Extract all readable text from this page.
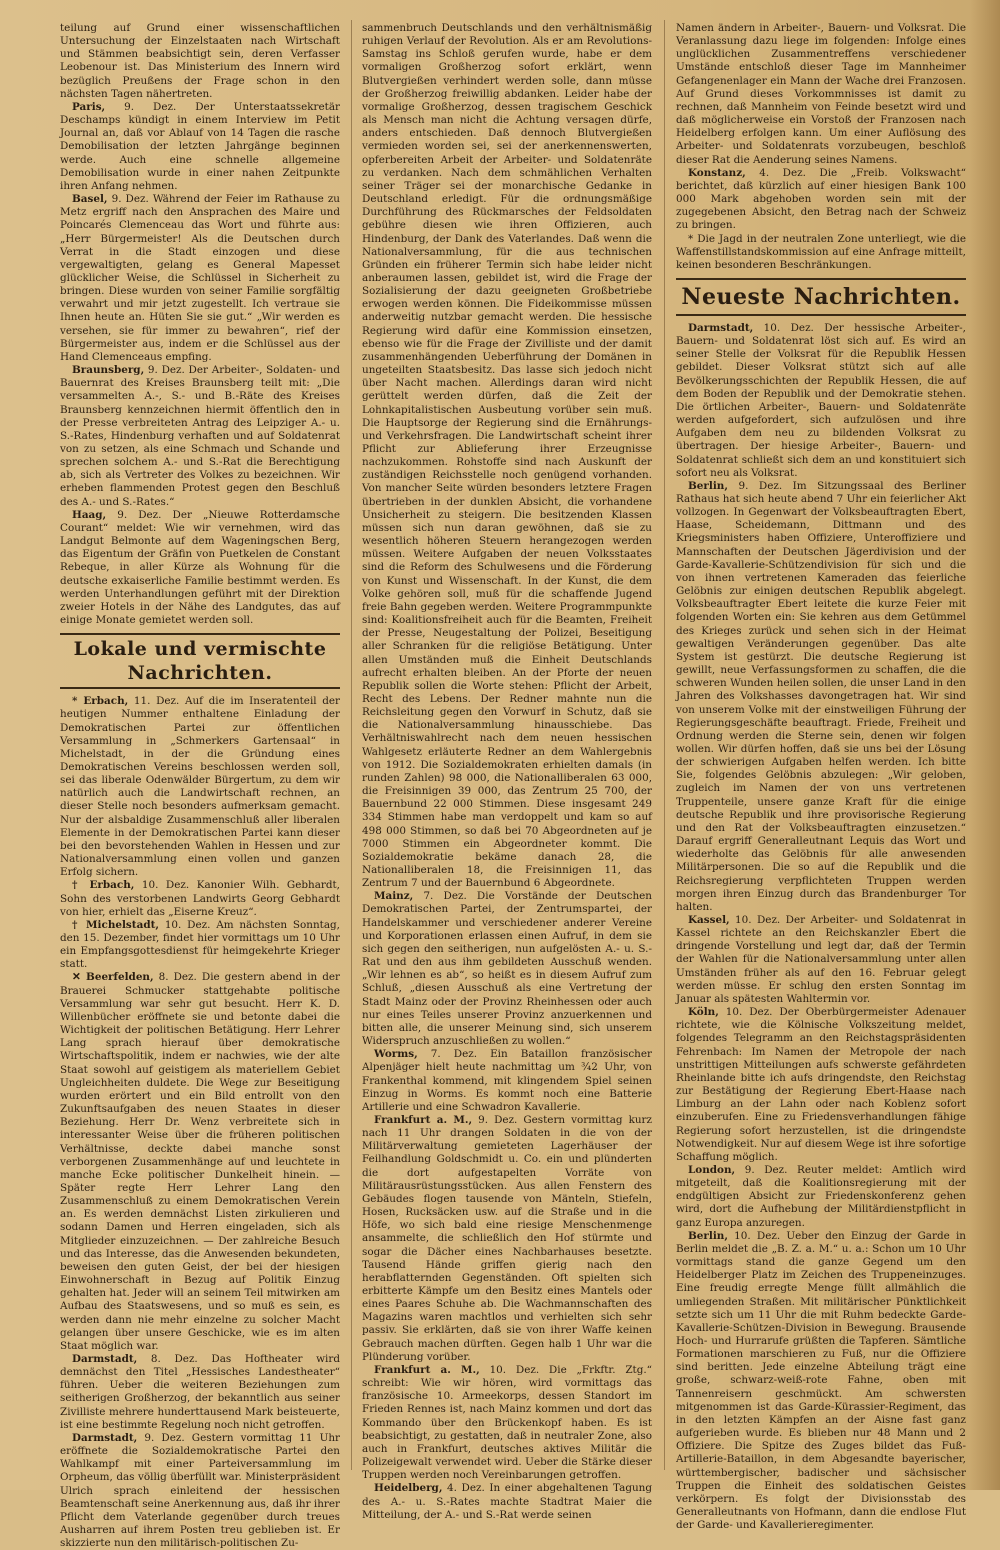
teilung auf Grund einer wissenschaftlichen Untersuchung der Einzelstaaten nach Wirtschaft und Stämmen beabsichtigt sein, deren Verfasser Leobenour ist. Das Ministerium des Innern wird bezüglich Preußens der Frage schon in den nächsten Tagen nähertreten.

Paris, 9. Dez. Der Unterstaatssekretär Deschamps kündigt in einem Interview im Petit Journal an, daß vor Ablauf von 14 Tagen die rasche Demobilisation der letzten Jahrgänge beginnen werde. Auch eine schnelle allgemeine Demobilisation wurde in einer nahen Zeitpunkte ihren Anfang nehmen.

Basel, 9. Dez. Während der Feier im Rathause zu Metz ergriff nach den Ansprachen des Maire und Poincarés Clemenceau das Wort und führte aus: „Herr Bürgermeister! Als die Deutschen durch Verrat in die Stadt einzogen und diese vergewaltigten, gelang es General Mapesset glücklicher Weise, die Schlüssel in Sicherheit zu bringen. Diese wurden von seiner Familie sorgfältig verwahrt und mir jetzt zugestellt. Ich vertraue sie Ihnen heute an. Hüten Sie sie gut.“ „Wir werden es versehen, sie für immer zu bewahren“, rief der Bürgermeister aus, indem er die Schlüssel aus der Hand Clemenceaus empfing.

Braunsberg, 9. Dez. Der Arbeiter-, Soldaten- und Bauernrat des Kreises Braunsberg teilt mit: „Die versammelten A.-, S.- und B.-Räte des Kreises Braunsberg kennzeichnen hiermit öffentlich den in der Presse verbreiteten Antrag des Leipziger A.- u. S.-Rates, Hindenburg verhaften und auf Soldatenrat von zu setzen, als eine Schmach und Schande und sprechen solchem A.- und S.-Rat die Berechtigung ab, sich als Vertreter des Volkes zu bezeichnen. Wir erheben flammenden Protest gegen den Beschluß des A.- und S.-Rates.“

Haag, 9. Dez. Der „Nieuwe Rotterdamsche Courant“ meldet: Wie wir vernehmen, wird das Landgut Belmonte auf dem Wageningschen Berg, das Eigentum der Gräfin von Puetkelen de Constant Rebeque, in aller Kürze als Wohnung für die deutsche exkaiserliche Familie bestimmt werden. Es werden Unterhandlungen geführt mit der Direktion zweier Hotels in der Nähe des Landgutes, das auf einige Monate gemietet werden soll.

Lokale und vermischte Nachrichten.

* Erbach, 11. Dez. Auf die im Inseratenteil der heutigen Nummer enthaltene Einladung der Demokratischen Partei zur öffentlichen Versammlung in „Schmerkers Gartensaal“ in Michelstadt, in der die Gründung eines Demokratischen Vereins beschlossen werden soll, sei das liberale Odenwälder Bürgertum, zu dem wir natürlich auch die Landwirtschaft rechnen, an dieser Stelle noch besonders aufmerksam gemacht. Nur der alsbaldige Zusammenschluß aller liberalen Elemente in der Demokratischen Partei kann dieser bei den bevorstehenden Wahlen in Hessen und zur Nationalversammlung einen vollen und ganzen Erfolg sichern.

† Erbach, 10. Dez. Kanonier Wilh. Gebhardt, Sohn des verstorbenen Landwirts Georg Gebhardt von hier, erhielt das „Eiserne Kreuz“.

† Michelstadt, 10. Dez. Am nächsten Sonntag, den 15. Dezember, findet hier vormittags um 10 Uhr ein Empfangsgottesdienst für heimgekehrte Krieger statt.

✕ Beerfelden, 8. Dez. Die gestern abend in der Brauerei Schmucker stattgehabte politische Versammlung war sehr gut besucht. Herr K. D. Willenbücher eröffnete sie und betonte dabei die Wichtigkeit der politischen Betätigung. Herr Lehrer Lang sprach hierauf über demokratische Wirtschaftspolitik, indem er nachwies, wie der alte Staat sowohl auf geistigem als materiellem Gebiet Ungleichheiten duldete. Die Wege zur Beseitigung wurden erörtert und ein Bild entrollt von den Zukunftsaufgaben des neuen Staates in dieser Beziehung. Herr Dr. Wenz verbreitete sich in interessanter Weise über die früheren politischen Verhältnisse, deckte dabei manche sonst verborgenen Zusammenhänge auf und leuchtete in manche Ecke politischer Dunkelheit hinein. — Später regte Herr Lehrer Lang den Zusammenschluß zu einem Demokratischen Verein an. Es werden demnächst Listen zirkulieren und sodann Damen und Herren eingeladen, sich als Mitglieder einzuzeichnen. — Der zahlreiche Besuch und das Interesse, das die Anwesenden bekundeten, beweisen den guten Geist, der bei der hiesigen Einwohnerschaft in Bezug auf Politik Einzug gehalten hat. Jeder will an seinem Teil mitwirken am Aufbau des Staatswesens, und so muß es sein, es werden dann nie mehr einzelne zu solcher Macht gelangen über unsere Geschicke, wie es im alten Staat möglich war.

Darmstadt, 8. Dez. Das Hoftheater wird demnächst den Titel „Hessisches Landestheater“ führen. Ueber die weiteren Beziehungen zum seitherigen Großherzog, der bekanntlich aus seiner Zivilliste mehrere hunderttausend Mark beisteuerte, ist eine bestimmte Regelung noch nicht getroffen.

Darmstadt, 9. Dez. Gestern vormittag 11 Uhr eröffnete die Sozialdemokratische Partei den Wahlkampf mit einer Parteiversammlung im Orpheum, das völlig überfüllt war. Ministerpräsident Ulrich sprach einleitend der hessischen Beamtenschaft seine Anerkennung aus, daß ihr ihrer Pflicht dem Vaterlande gegenüber durch treues Ausharren auf ihrem Posten treu geblieben ist. Er skizzierte nun den militärisch-politischen Zu-

sammenbruch Deutschlands und den verhältnismäßig ruhigen Verlauf der Revolution. Als er am Revolutions-Samstag ins Schloß gerufen wurde, habe er dem vormaligen Großherzog sofort erklärt, wenn Blutvergießen verhindert werden solle, dann müsse der Großherzog freiwillig abdanken. Leider habe der vormalige Großherzog, dessen tragischem Geschick als Mensch man nicht die Achtung versagen dürfe, anders entschieden. Daß dennoch Blutvergießen vermieden worden sei, sei der anerkennenswerten, opferbereiten Arbeit der Arbeiter- und Soldatenräte zu verdanken. Nach dem schmählichen Verhalten seiner Träger sei der monarchische Gedanke in Deutschland erledigt. Für die ordnungsmäßige Durchführung des Rückmarsches der Feldsoldaten gebühre diesen wie ihren Offizieren, auch Hindenburg, der Dank des Vaterlandes. Daß wenn die Nationalversammlung, für die aus technischen Gründen ein früherer Termin sich habe leider nicht anberaumen lassen, gebildet ist, wird die Frage der Sozialisierung der dazu geeigneten Großbetriebe erwogen werden können. Die Fideikommisse müssen anderweitig nutzbar gemacht werden. Die hessische Regierung wird dafür eine Kommission einsetzen, ebenso wie für die Frage der Zivilliste und der damit zusammenhängenden Ueberführung der Domänen in ungeteilten Staatsbesitz. Das lasse sich jedoch nicht über Nacht machen. Allerdings daran wird nicht gerüttelt werden dürfen, daß die Zeit der Lohnkapitalistischen Ausbeutung vorüber sein muß. Die Hauptsorge der Regierung sind die Ernährungs- und Verkehrsfragen. Die Landwirtschaft scheint ihrer Pflicht zur Ablieferung ihrer Erzeugnisse nachzukommen. Rohstoffe sind nach Auskunft der zuständigen Reichsstelle noch genügend vorhanden. Von mancher Seite würden besonders letztere Fragen übertrieben in der dunklen Absicht, die vorhandene Unsicherheit zu steigern. Die besitzenden Klassen müssen sich nun daran gewöhnen, daß sie zu wesentlich höheren Steuern herangezogen werden müssen. Weitere Aufgaben der neuen Volksstaates sind die Reform des Schulwesens und die Förderung von Kunst und Wissenschaft. In der Kunst, die dem Volke gehören soll, muß für die schaffende Jugend freie Bahn gegeben werden. Weitere Programmpunkte sind: Koalitionsfreiheit auch für die Beamten, Freiheit der Presse, Neugestaltung der Polizei, Beseitigung aller Schranken für die religiöse Betätigung. Unter allen Umständen muß die Einheit Deutschlands aufrecht erhalten bleiben. An der Pforte der neuen Republik sollen die Worte stehen: Pflicht der Arbeit, Recht des Lebens. Der Redner mahnte nun die Reichsleitung gegen den Vorwurf in Schutz, daß sie die Nationalversammlung hinausschiebe. Das Verhältniswahlrecht nach dem neuen hessischen Wahlgesetz erläuterte Redner an dem Wahlergebnis von 1912. Die Sozialdemokraten erhielten damals (in runden Zahlen) 98 000, die Nationalliberalen 63 000, die Freisinnigen 39 000, das Zentrum 25 700, der Bauernbund 22 000 Stimmen. Diese insgesamt 249 334 Stimmen habe man verdoppelt und kam so auf 498 000 Stimmen, so daß bei 70 Abgeordneten auf je 7000 Stimmen ein Abgeordneter kommt. Die Sozialdemokratie bekäme danach 28, die Nationalliberalen 18, die Freisinnigen 11, das Zentrum 7 und der Bauernbund 6 Abgeordnete.

Mainz, 7. Dez. Die Vorstände der Deutschen Demokratischen Partei, der Zentrumspartei, der Handelskammer und verschiedener anderer Vereine und Korporationen erlassen einen Aufruf, in dem sie sich gegen den seitherigen, nun aufgelösten A.- u. S.-Rat und den aus ihm gebildeten Ausschuß wenden. „Wir lehnen es ab“, so heißt es in diesem Aufruf zum Schluß, „diesen Ausschuß als eine Vertretung der Stadt Mainz oder der Provinz Rheinhessen oder auch nur eines Teiles unserer Provinz anzuerkennen und bitten alle, die unserer Meinung sind, sich unserem Widerspruch anzuschließen zu wollen.“

Worms, 7. Dez. Ein Bataillon französischer Alpenjäger hielt heute nachmittag um ¾2 Uhr, von Frankenthal kommend, mit klingendem Spiel seinen Einzug in Worms. Es kommt noch eine Batterie Artillerie und eine Schwadron Kavallerie.

Frankfurt a. M., 9. Dez. Gestern vormittag kurz nach 11 Uhr drangen Soldaten in die von der Militärverwaltung gemieteten Lagerhäuser der Feilhandlung Goldschmidt u. Co. ein und plünderten die dort aufgestapelten Vorräte von Militärausrüstungsstücken. Aus allen Fenstern des Gebäudes flogen tausende von Mänteln, Stiefeln, Hosen, Rucksäcken usw. auf die Straße und in die Höfe, wo sich bald eine riesige Menschenmenge ansammelte, die schließlich den Hof stürmte und sogar die Dächer eines Nachbarhauses besetzte. Tausend Hände griffen gierig nach den herabflatternden Gegenständen. Oft spielten sich erbitterte Kämpfe um den Besitz eines Mantels oder eines Paares Schuhe ab. Die Wachmannschaften des Magazins waren machtlos und verhielten sich sehr passiv. Sie erklärten, daß sie von ihrer Waffe keinen Gebrauch machen dürften. Gegen halb 1 Uhr war die Plünderung vorüber.

Frankfurt a. M., 10. Dez. Die „Frkftr. Ztg.“ schreibt: Wie wir hören, wird vormittags das französische 10. Armeekorps, dessen Standort im Frieden Rennes ist, nach Mainz kommen und dort das Kommando über den Brückenkopf haben. Es ist beabsichtigt, zu gestatten, daß in neutraler Zone, also auch in Frankfurt, deutsches aktives Militär die Polizeigewalt verwendet wird. Ueber die Stärke dieser Truppen werden noch Vereinbarungen getroffen.

Heidelberg, 4. Dez. In einer abgehaltenen Tagung des A.- u. S.-Rates machte Stadtrat Maier die Mitteilung, der A.- und S.-Rat werde seinen

Namen ändern in Arbeiter-, Bauern- und Volksrat. Die Veranlassung dazu liege im folgenden: Infolge eines unglücklichen Zusammentreffens verschiedener Umstände entschloß dieser Tage im Mannheimer Gefangenenlager ein Mann der Wache drei Franzosen. Auf Grund dieses Vorkommnisses ist damit zu rechnen, daß Mannheim von Feinde besetzt wird und daß möglicherweise ein Vorstoß der Franzosen nach Heidelberg erfolgen kann. Um einer Auflösung des Arbeiter- und Soldatenrats vorzubeugen, beschloß dieser Rat die Aenderung seines Namens.

Konstanz, 4. Dez. Die „Freib. Volkswacht“ berichtet, daß kürzlich auf einer hiesigen Bank 100 000 Mark abgehoben worden sein mit der zugegebenen Absicht, den Betrag nach der Schweiz zu bringen.

* Die Jagd in der neutralen Zone unterliegt, wie die Waffenstillstandskommission auf eine Anfrage mitteilt, keinen besonderen Beschränkungen.

Neueste Nachrichten.

Darmstadt, 10. Dez. Der hessische Arbeiter-, Bauern- und Soldatenrat löst sich auf. Es wird an seiner Stelle der Volksrat für die Republik Hessen gebildet. Dieser Volksrat stützt sich auf alle Bevölkerungsschichten der Republik Hessen, die auf dem Boden der Republik und der Demokratie stehen. Die örtlichen Arbeiter-, Bauern- und Soldatenräte werden aufgefordert, sich aufzulösen und ihre Aufgaben dem neu zu bildenden Volksrat zu übertragen. Der hiesige Arbeiter-, Bauern- und Soldatenrat schließt sich dem an und konstituiert sich sofort neu als Volksrat.

Berlin, 9. Dez. Im Sitzungssaal des Berliner Rathaus hat sich heute abend 7 Uhr ein feierlicher Akt vollzogen. In Gegenwart der Volksbeauftragten Ebert, Haase, Scheidemann, Dittmann und des Kriegsministers haben Offiziere, Unteroffiziere und Mannschaften der Deutschen Jägerdivision und der Garde-Kavallerie-Schützendivision für sich und die von ihnen vertretenen Kameraden das feierliche Gelöbnis zur einigen deutschen Republik abgelegt. Volksbeauftragter Ebert leitete die kurze Feier mit folgenden Worten ein: Sie kehren aus dem Getümmel des Krieges zurück und sehen sich in der Heimat gewaltigen Veränderungen gegenüber. Das alte System ist gestürzt. Die deutsche Regierung ist gewillt, neue Verfassungsformen zu schaffen, die die schweren Wunden heilen sollen, die unser Land in den Jahren des Volkshasses davongetragen hat. Wir sind von unserem Volke mit der einstweiligen Führung der Regierungsgeschäfte beauftragt. Friede, Freiheit und Ordnung werden die Sterne sein, denen wir folgen wollen. Wir dürfen hoffen, daß sie uns bei der Lösung der schwierigen Aufgaben helfen werden. Ich bitte Sie, folgendes Gelöbnis abzulegen: „Wir geloben, zugleich im Namen der von uns vertretenen Truppenteile, unsere ganze Kraft für die einige deutsche Republik und ihre provisorische Regierung und den Rat der Volksbeauftragten einzusetzen.“ Darauf ergriff Generalleutnant Lequis das Wort und wiederholte das Gelöbnis für alle anwesenden Militärpersonen. Die so auf die Republik und die Reichsregierung verpflichteten Truppen werden morgen ihren Einzug durch das Brandenburger Tor halten.

Kassel, 10. Dez. Der Arbeiter- und Soldatenrat in Kassel richtete an den Reichskanzler Ebert die dringende Vorstellung und legt dar, daß der Termin der Wahlen für die Nationalversammlung unter allen Umständen früher als auf den 16. Februar gelegt werden müsse. Er schlug den ersten Sonntag im Januar als spätesten Wahltermin vor.

Köln, 10. Dez. Der Oberbürgermeister Adenauer richtete, wie die Kölnische Volkszeitung meldet, folgendes Telegramm an den Reichstagspräsidenten Fehrenbach: Im Namen der Metropole der nach unstrittigen Mitteilungen aufs schwerste gefährdeten Rheinlande bitte ich aufs dringendste, den Reichstag zur Bestätigung der Regierung Ebert-Haase nach Limburg an der Lahn oder nach Koblenz sofort einzuberufen. Eine zu Friedensverhandlungen fähige Regierung sofort herzustellen, ist die dringendste Notwendigkeit. Nur auf diesem Wege ist ihre sofortige Schaffung möglich.

London, 9. Dez. Reuter meldet: Amtlich wird mitgeteilt, daß die Koalitionsregierung mit der endgültigen Absicht zur Friedenskonferenz gehen wird, dort die Aufhebung der Militärdienstpflicht in ganz Europa anzuregen.

Berlin, 10. Dez. Ueber den Einzug der Garde in Berlin meldet die „B. Z. a. M.“ u. a.: Schon um 10 Uhr vormittags stand die ganze Gegend um den Heidelberger Platz im Zeichen des Truppeneinzuges. Eine freudig erregte Menge füllt allmählich die umliegenden Straßen. Mit militärischer Pünktlichkeit setzte sich um 11 Uhr die mit Ruhm bedeckte Garde-Kavallerie-Schützen-Division in Bewegung. Brausende Hoch- und Hurrarufe grüßten die Tapferen. Sämtliche Formationen marschieren zu Fuß, nur die Offiziere sind beritten. Jede einzelne Abteilung trägt eine große, schwarz-weiß-rote Fahne, oben mit Tannenreisern geschmückt. Am schwersten mitgenommen ist das Garde-Kürassier-Regiment, das in den letzten Kämpfen an der Aisne fast ganz aufgerieben wurde. Es blieben nur 48 Mann und 2 Offiziere. Die Spitze des Zuges bildet das Fuß-Artillerie-Bataillon, in dem Abgesandte bayerischer, württembergischer, badischer und sächsischer Truppen die Einheit des soldatischen Geistes verkörpern. Es folgt der Divisionsstab des Generalleutnants von Hofmann, dann die endlose Flut der Garde- und Kavallerieregimenter.
